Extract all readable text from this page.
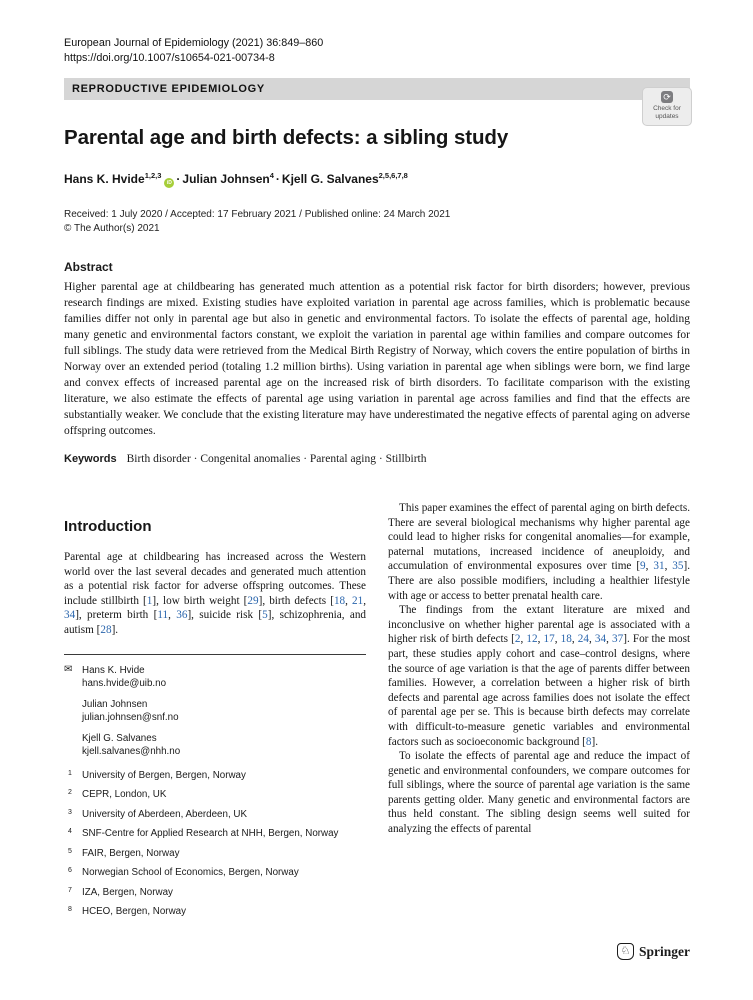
European Journal of Epidemiology (2021) 36:849–860
https://doi.org/10.1007/s10654-021-00734-8
REPRODUCTIVE EPIDEMIOLOGY
Parental age and birth defects: a sibling study
Hans K. Hvide$^{1,2,3}$iD · Julian Johnsen$^4$ · Kjell G. Salvanes$^{2,5,6,7,8}$
Received: 1 July 2020 / Accepted: 17 February 2021 / Published online: 24 March 2021
© The Author(s) 2021
Abstract
Higher parental age at childbearing has generated much attention as a potential risk factor for birth disorders; however, previous research findings are mixed. Existing studies have exploited variation in parental age across families, which is problematic because families differ not only in parental age but also in genetic and environmental factors. To isolate the effects of parental age, holding many genetic and environmental factors constant, we exploit the variation in parental age within families and compare outcomes for full siblings. The study data were retrieved from the Medical Birth Registry of Norway, which covers the entire population of births in Norway over an extended period (totaling 1.2 million births). Using variation in parental age when siblings were born, we find large and convex effects of increased parental age on the increased risk of birth disorders. To facilitate comparison with the existing literature, we also estimate the effects of parental age using variation in parental age across families and find that the effects are substantially weaker. We conclude that the existing literature may have underestimated the negative effects of parental aging on adverse offspring outcomes.
Keywords Birth disorder · Congenital anomalies · Parental aging · Stillbirth
Introduction

Parental age at childbearing has increased across the Western world over the last several decades and generated much attention as a potential risk factor for adverse offspring outcomes. These include stillbirth [1], low birth weight [29], birth defects [18, 21, 34], preterm birth [11, 36], suicide risk [5], schizophrenia, and autism [28].

✉ Hans K. Hvide
hans.hvide@uib.no
Julian Johnsen
julian.johnsen@snf.no
Kjell G. Salvanes
kjell.salvanes@nhh.no
1 University of Bergen, Bergen, Norway
2 CEPR, London, UK
3 University of Aberdeen, Aberdeen, UK
4 SNF-Centre for Applied Research at NHH, Bergen, Norway
5 FAIR, Bergen, Norway
6 Norwegian School of Economics, Bergen, Norway
7 IZA, Bergen, Norway
8 HCEO, Bergen, Norway

This paper examines the effect of parental aging on birth defects. There are several biological mechanisms why higher parental age could lead to higher risks for congenital anomalies—for example, paternal mutations, increased incidence of aneuploidy, and accumulation of environmental exposures over time [9, 31, 35]. There are also possible modifiers, including a healthier lifestyle with age or access to better prenatal health care.

The findings from the extant literature are mixed and inconclusive on whether higher parental age is associated with a higher risk of birth defects [2, 12, 17, 18, 24, 34, 37]. For the most part, these studies apply cohort and case–control designs, where the source of age variation is that the age of parents differ between families. However, a correlation between a higher risk of birth defects and parental age across families does not isolate the effect of parental age per se. This is because birth defects may correlate with difficult-to-measure genetic variables and environmental factors such as socioeconomic background [8].

To isolate the effects of parental age and reduce the impact of genetic and environmental confounders, we compare outcomes for full siblings, where the source of parental age variation is the same parents getting older. Many genetic and environmental factors are thus held constant. The sibling design seems well suited for analyzing the effects of parental

⟳
Check for updates
♘ Springer
